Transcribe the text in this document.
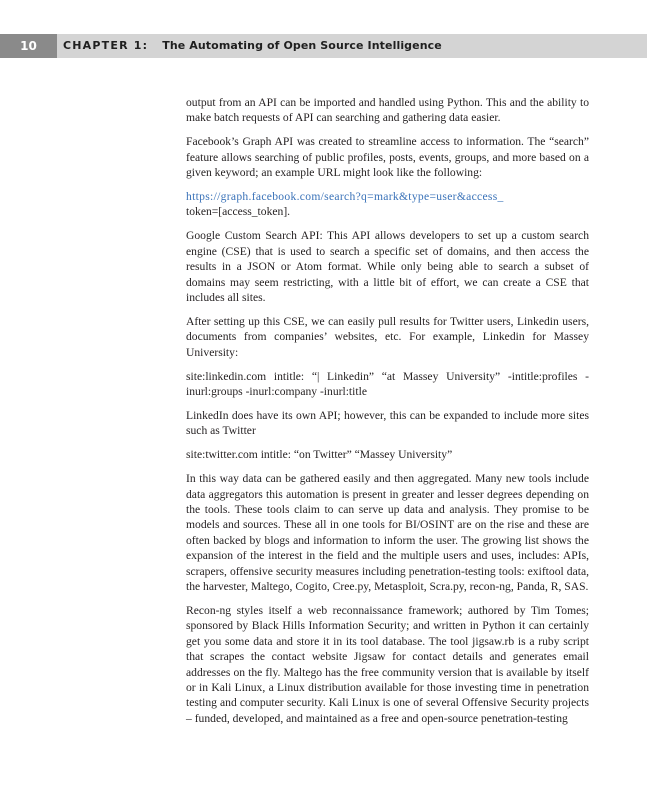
10	CHAPTER 1: The Automating of Open Source Intelligence

output from an API can be imported and handled using Python. This and the ability to make batch requests of API can searching and gathering data easier.

Facebook’s Graph API was created to streamline access to information. The “search” feature allows searching of public profiles, posts, events, groups, and more based on a given keyword; an example URL might look like the following:

https://graph.facebook.com/search?q=mark&type=user&access_
token=[access_token].

Google Custom Search API: This API allows developers to set up a custom search engine (CSE) that is used to search a specific set of domains, and then access the results in a JSON or Atom format. While only being able to search a subset of domains may seem restricting, with a little bit of effort, we can create a CSE that includes all sites.

After setting up this CSE, we can easily pull results for Twitter users, Linkedin users, documents from companies’ websites, etc. For example, Linkedin for Massey University:

site:linkedin.com intitle: “| Linkedin” “at Massey University” -intitle:profiles -inurl:groups -inurl:company -inurl:title

LinkedIn does have its own API; however, this can be expanded to include more sites such as Twitter

site:twitter.com intitle: “on Twitter” “Massey University”

In this way data can be gathered easily and then aggregated. Many new tools include data aggregators this automation is present in greater and lesser degrees depending on the tools. These tools claim to can serve up data and analysis. They promise to be models and sources. These all in one tools for BI/OSINT are on the rise and these are often backed by blogs and information to inform the user. The growing list shows the expansion of the interest in the field and the multiple users and uses, includes: APIs, scrapers, offensive security measures including penetration-testing tools: exiftool data, the harvester, Maltego, Cogito, Cree.py, Metasploit, Scra.py, recon-ng, Panda, R, SAS.

Recon-ng styles itself a web reconnaissance framework; authored by Tim Tomes; sponsored by Black Hills Information Security; and written in Python it can certainly get you some data and store it in its tool database. The tool jigsaw.rb is a ruby script that scrapes the contact website Jigsaw for contact details and generates email addresses on the fly. Maltego has the free community version that is available by itself or in Kali Linux, a Linux distribution available for those investing time in penetration testing and computer security. Kali Linux is one of several Offensive Security projects – funded, developed, and maintained as a free and open-source penetration-testing
